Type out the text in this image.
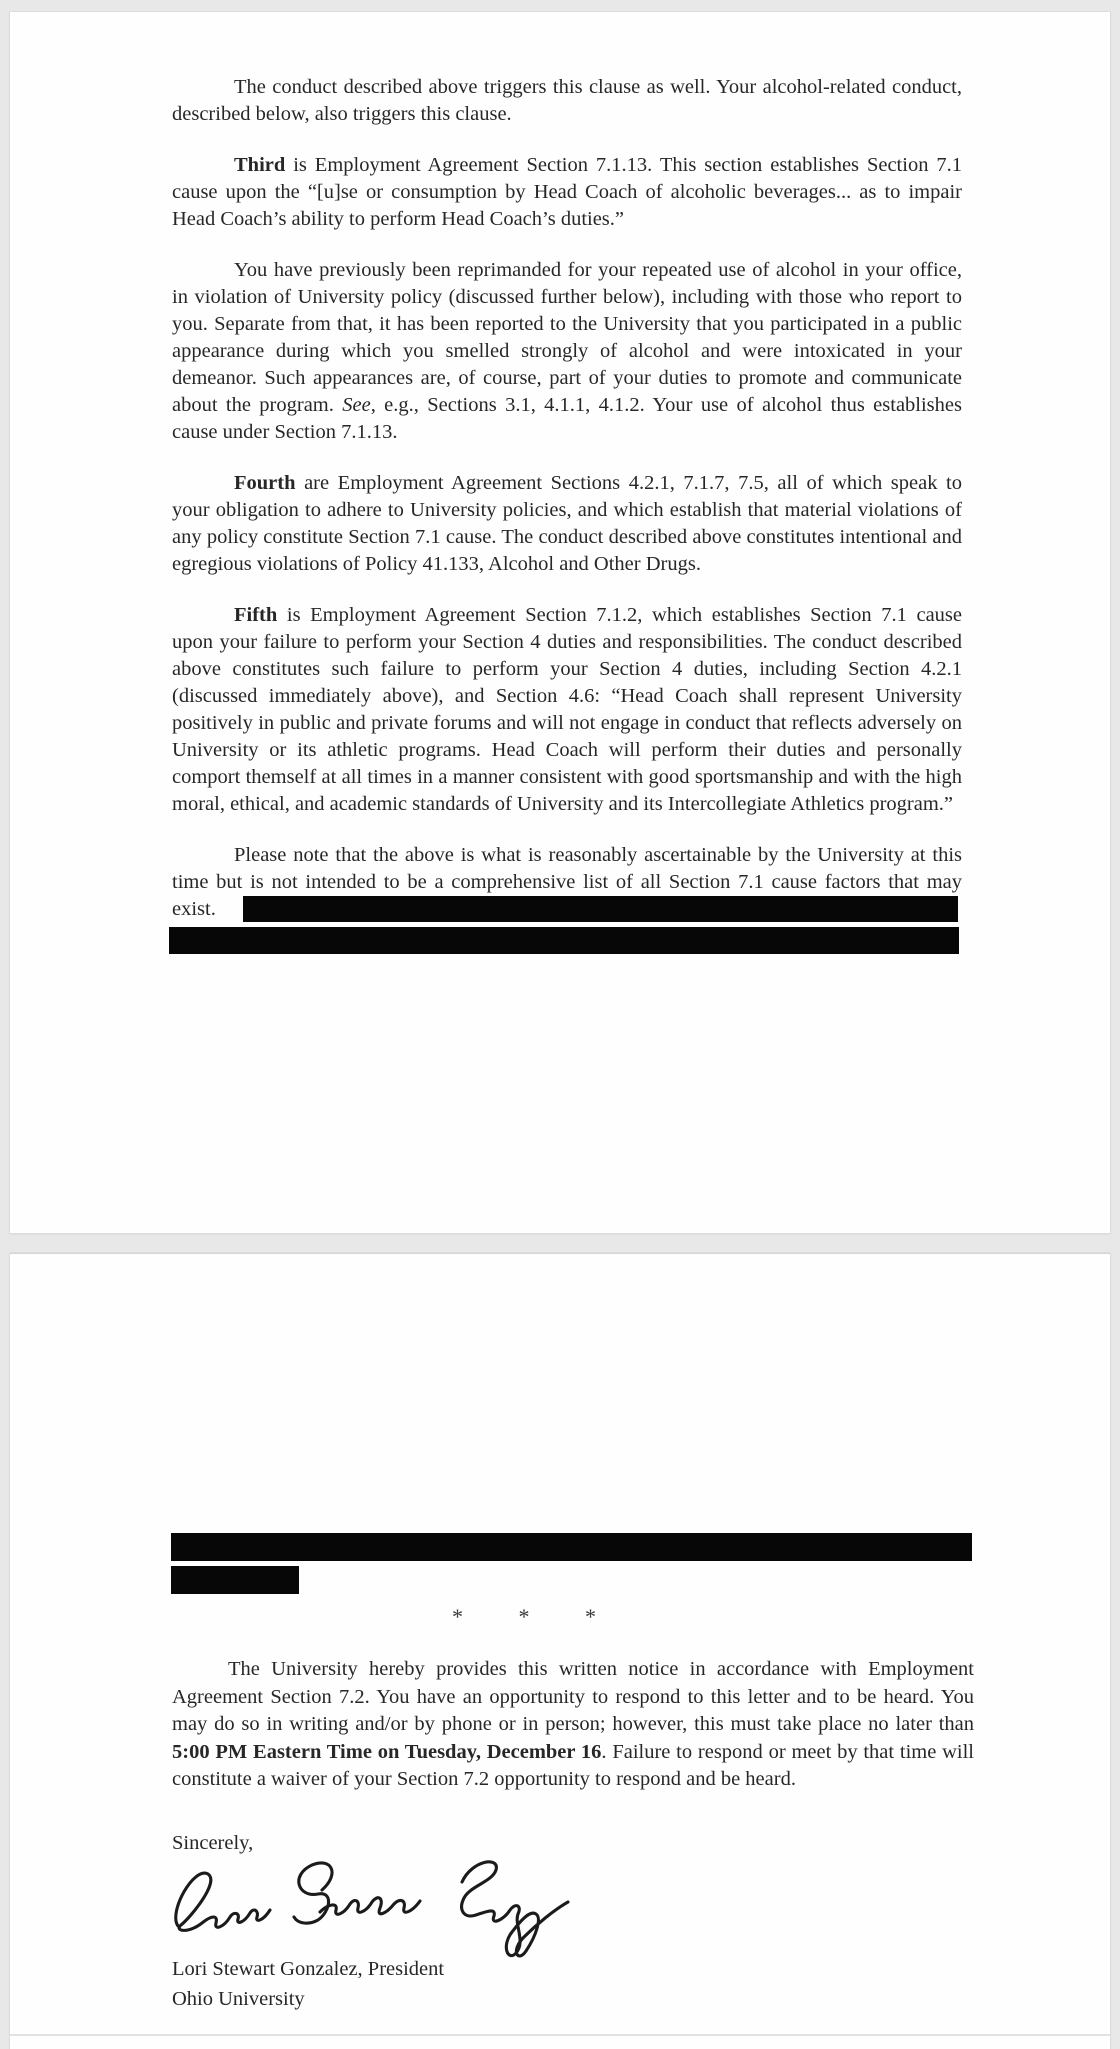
The conduct described above triggers this clause as well. Your alcohol-related conduct, described below, also triggers this clause.

Third is Employment Agreement Section 7.1.13. This section establishes Section 7.1 cause upon the “[u]se or consumption by Head Coach of alcoholic beverages... as to impair Head Coach’s ability to perform Head Coach’s duties.”

You have previously been reprimanded for your repeated use of alcohol in your office, in violation of University policy (discussed further below), including with those who report to you. Separate from that, it has been reported to the University that you participated in a public appearance during which you smelled strongly of alcohol and were intoxicated in your demeanor. Such appearances are, of course, part of your duties to promote and communicate about the program. See, e.g., Sections 3.1, 4.1.1, 4.1.2. Your use of alcohol thus establishes cause under Section 7.1.13.

Fourth are Employment Agreement Sections 4.2.1, 7.1.7, 7.5, all of which speak to your obligation to adhere to University policies, and which establish that material violations of any policy constitute Section 7.1 cause. The conduct described above constitutes intentional and egregious violations of Policy 41.133, Alcohol and Other Drugs.

Fifth is Employment Agreement Section 7.1.2, which establishes Section 7.1 cause upon your failure to perform your Section 4 duties and responsibilities. The conduct described above constitutes such failure to perform your Section 4 duties, including Section 4.2.1 (discussed immediately above), and Section 4.6: “Head Coach shall represent University positively in public and private forums and will not engage in conduct that reflects adversely on University or its athletic programs. Head Coach will perform their duties and personally comport themself at all times in a manner consistent with good sportsmanship and with the high moral, ethical, and academic standards of University and its Intercollegiate Athletics program.”

Please note that the above is what is reasonably ascertainable by the University at this time but is not intended to be a comprehensive list of all Section 7.1 cause factors that may exist.

* * *

The University hereby provides this written notice in accordance with Employment Agreement Section 7.2. You have an opportunity to respond to this letter and to be heard. You may do so in writing and/or by phone or in person; however, this must take place no later than 5:00 PM Eastern Time on Tuesday, December 16. Failure to respond or meet by that time will constitute a waiver of your Section 7.2 opportunity to respond and be heard.

Sincerely,
Lori Stewart Gonzalez, President
Ohio University
